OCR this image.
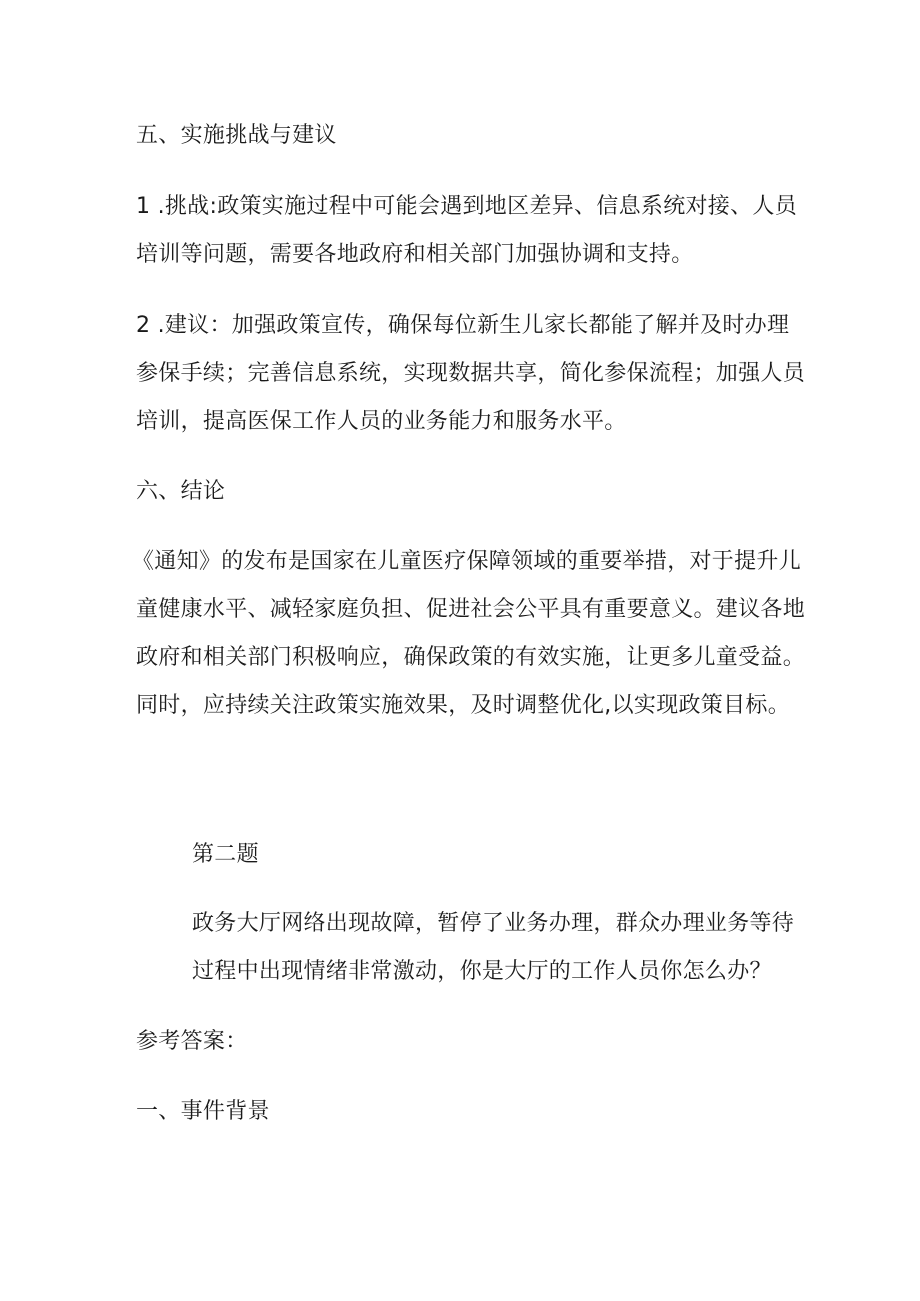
五、实施挑战与建议
1 .挑战:政策实施过程中可能会遇到地区差异、信息系统对接、人员
培训等问题，需要各地政府和相关部门加强协调和支持。
2 .建议：加强政策宣传，确保每位新生儿家长都能了解并及时办理
参保手续；完善信息系统，实现数据共享，简化参保流程；加强人员
培训，提高医保工作人员的业务能力和服务水平。
六、结论
《通知》的发布是国家在儿童医疗保障领域的重要举措，对于提升儿
童健康水平、减轻家庭负担、促进社会公平具有重要意义。建议各地
政府和相关部门积极响应，确保政策的有效实施，让更多儿童受益。
同时，应持续关注政策实施效果，及时调整优化,以实现政策目标。
第二题
政务大厅网络出现故障，暂停了业务办理，群众办理业务等待
过程中出现情绪非常激动，你是大厅的工作人员你怎么办？
参考答案：
一、事件背景
